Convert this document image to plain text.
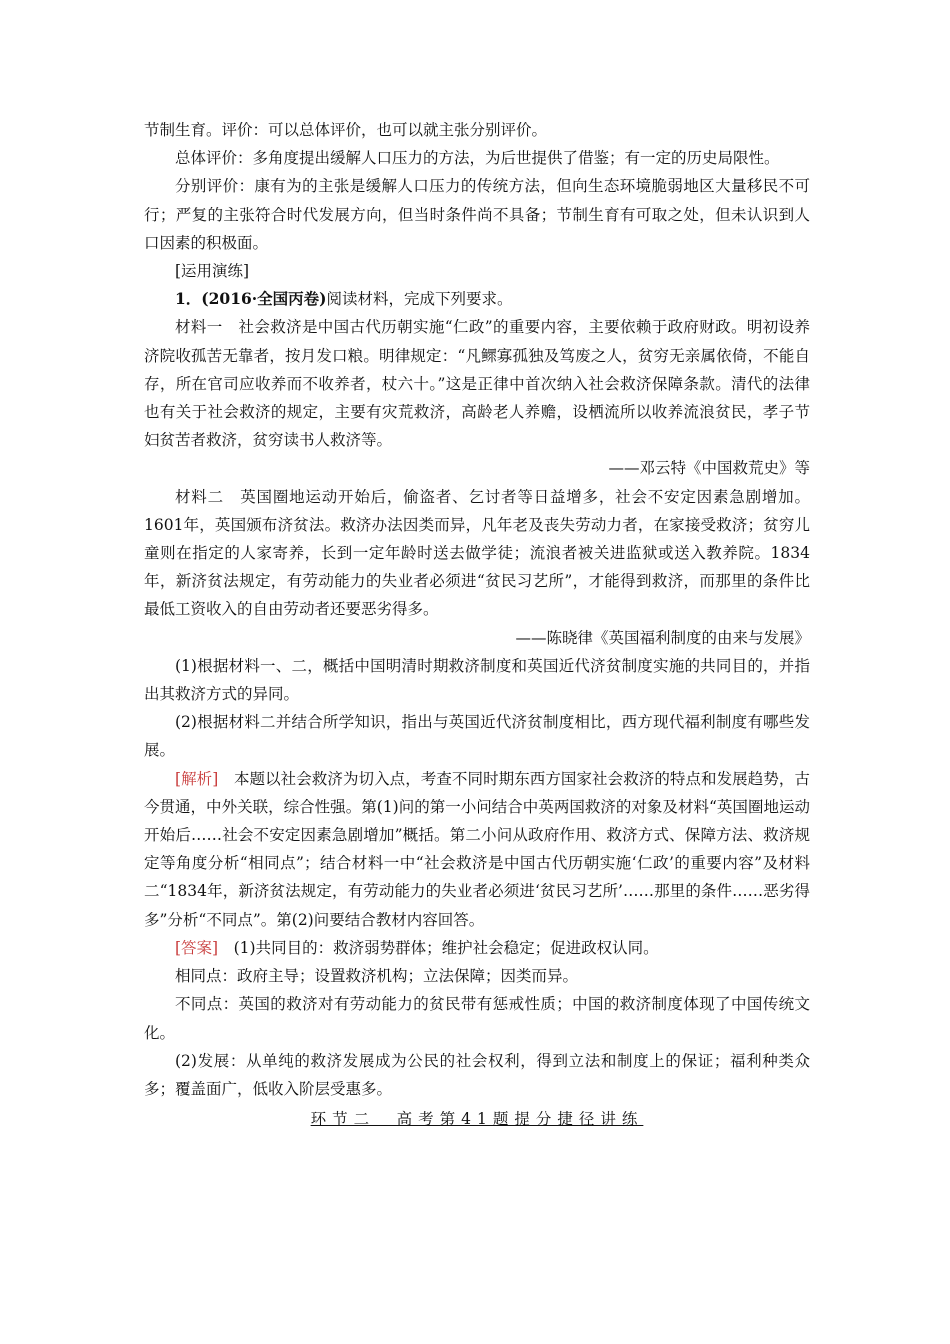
节制生育。评价：可以总体评价，也可以就主张分别评价。

总体评价：多角度提出缓解人口压力的方法，为后世提供了借鉴；有一定的历史局限性。

分别评价：康有为的主张是缓解人口压力的传统方法，但向生态环境脆弱地区大量移民不可行；严复的主张符合时代发展方向，但当时条件尚不具备；节制生育有可取之处，但未认识到人口因素的积极面。

[运用演练]

1．(2016·全国丙卷)阅读材料，完成下列要求。

材料一　 社会救济是中国古代历朝实施“仁政”的重要内容，主要依赖于政府财政。明初设养济院收孤苦无靠者，按月发口粮。明律规定：“凡鳏寡孤独及笃废之人，贫穷无亲属依倚，不能自存，所在官司应收养而不收养者，杖六十。”这是正律中首次纳入社会救济保障条款。清代的法律也有关于社会救济的规定，主要有灾荒救济，高龄老人养赡，设栖流所以收养流浪贫民，孝子节妇贫苦者救济，贫穷读书人救济等。

——邓云特《中国救荒史》等

材料二　 英国圈地运动开始后，偷盗者、乞讨者等日益增多，社会不安定因素急剧增加。1601年，英国颁布济贫法。救济办法因类而异，凡年老及丧失劳动力者，在家接受救济；贫穷儿童则在指定的人家寄养，长到一定年龄时送去做学徒；流浪者被关进监狱或送入教养院。1834年，新济贫法规定，有劳动能力的失业者必须进“贫民习艺所”，才能得到救济，而那里的条件比最低工资收入的自由劳动者还要恶劣得多。

——陈晓律《英国福利制度的由来与发展》

(1)根据材料一、二，概括中国明清时期救济制度和英国近代济贫制度实施的共同目的，并指出其救济方式的异同。

(2)根据材料二并结合所学知识，指出与英国近代济贫制度相比，西方现代福利制度有哪些发展。

[解析]　 本题以社会救济为切入点，考查不同时期东西方国家社会救济的特点和发展趋势，古今贯通，中外关联，综合性强。第(1)问的第一小问结合中英两国救济的对象及材料“英国圈地运动开始后……社会不安定因素急剧增加”概括。第二小问从政府作用、救济方式、保障方法、救济规定等角度分析“相同点”；结合材料一中“社会救济是中国古代历朝实施‘仁政’的重要内容”及材料二“1834年，新济贫法规定，有劳动能力的失业者必须进‘贫民习艺所’……那里的条件……恶劣得多”分析“不同点”。第(2)问要结合教材内容回答。

[答案]　 (1)共同目的：救济弱势群体；维护社会稳定；促进政权认同。

相同点：政府主导；设置救济机构；立法保障；因类而异。

不同点：英国的救济对有劳动能力的贫民带有惩戒性质；中国的救济制度体现了中国传统文化。

(2)发展：从单纯的救济发展成为公民的社会权利，得到立法和制度上的保证；福利种类众多；覆盖面广，低收入阶层受惠多。

环节二　高考第41题提分捷径讲练
